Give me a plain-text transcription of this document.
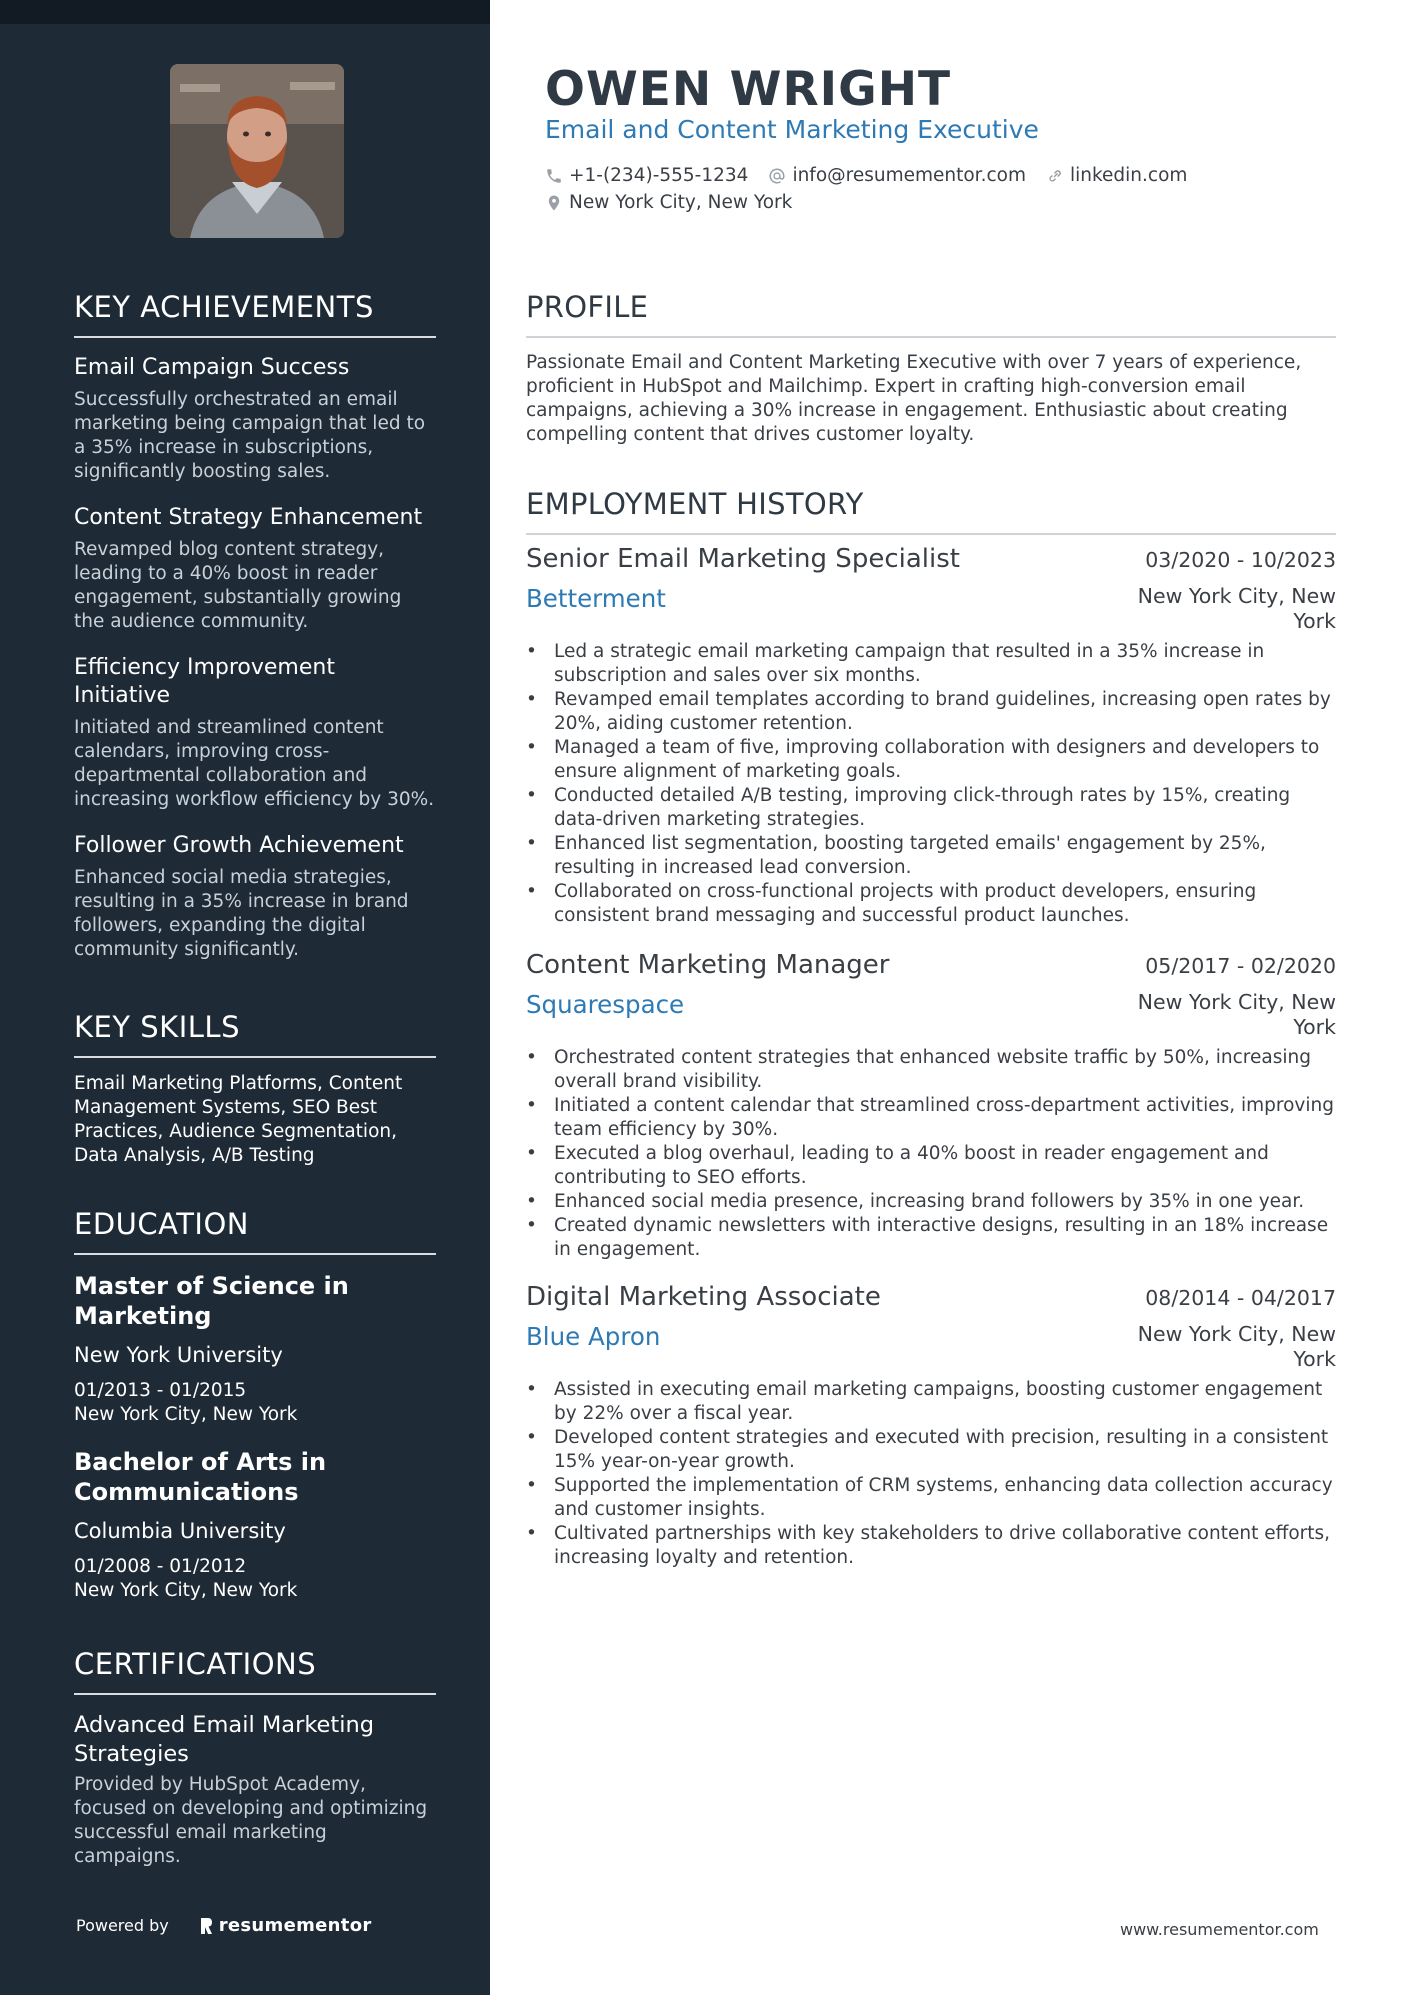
KEY ACHIEVEMENTS
Email Campaign Success
Successfully orchestrated an email marketing being campaign that led to a 35% increase in subscriptions, significantly boosting sales.
Content Strategy Enhancement
Revamped blog content strategy, leading to a 40% boost in reader engagement, substantially growing the audience community.
Efficiency Improvement Initiative
Initiated and streamlined content calendars, improving cross-departmental collaboration and increasing workflow efficiency by 30%.
Follower Growth Achievement
Enhanced social media strategies, resulting in a 35% increase in brand followers, expanding the digital community significantly.
KEY SKILLS
Email Marketing Platforms, Content Management Systems, SEO Best Practices, Audience Segmentation, Data Analysis, A/B Testing
EDUCATION
Master of Science in Marketing
New York University
01/2013 - 01/2015
New York City, New York
Bachelor of Arts in Communications
Columbia University
01/2008 - 01/2012
New York City, New York
CERTIFICATIONS
Advanced Email Marketing Strategies
Provided by HubSpot Academy, focused on developing and optimizing successful email marketing campaigns.
Powered by	resumementor
OWEN WRIGHT
Email and Content Marketing Executive
+1-(234)-555-1234 info@resumementor.com linkedin.com
New York City, New York
PROFILE
Passionate Email and Content Marketing Executive with over 7 years of experience, proficient in HubSpot and Mailchimp. Expert in crafting high-conversion email campaigns, achieving a 30% increase in engagement. Enthusiastic about creating compelling content that drives customer loyalty.
EMPLOYMENT HISTORY
Senior Email Marketing Specialist	03/2020 - 10/2023
Betterment	New York City, New York
• Led a strategic email marketing campaign that resulted in a 35% increase in subscription and sales over six months.
• Revamped email templates according to brand guidelines, increasing open rates by 20%, aiding customer retention.
• Managed a team of five, improving collaboration with designers and developers to ensure alignment of marketing goals.
• Conducted detailed A/B testing, improving click-through rates by 15%, creating data-driven marketing strategies.
• Enhanced list segmentation, boosting targeted emails' engagement by 25%, resulting in increased lead conversion.
• Collaborated on cross-functional projects with product developers, ensuring consistent brand messaging and successful product launches.
Content Marketing Manager	05/2017 - 02/2020
Squarespace	New York City, New York
• Orchestrated content strategies that enhanced website traffic by 50%, increasing overall brand visibility.
• Initiated a content calendar that streamlined cross-department activities, improving team efficiency by 30%.
• Executed a blog overhaul, leading to a 40% boost in reader engagement and contributing to SEO efforts.
• Enhanced social media presence, increasing brand followers by 35% in one year.
• Created dynamic newsletters with interactive designs, resulting in an 18% increase in engagement.
Digital Marketing Associate	08/2014 - 04/2017
Blue Apron	New York City, New York
• Assisted in executing email marketing campaigns, boosting customer engagement by 22% over a fiscal year.
• Developed content strategies and executed with precision, resulting in a consistent 15% year-on-year growth.
• Supported the implementation of CRM systems, enhancing data collection accuracy and customer insights.
• Cultivated partnerships with key stakeholders to drive collaborative content efforts, increasing loyalty and retention.
www.resumementor.com
